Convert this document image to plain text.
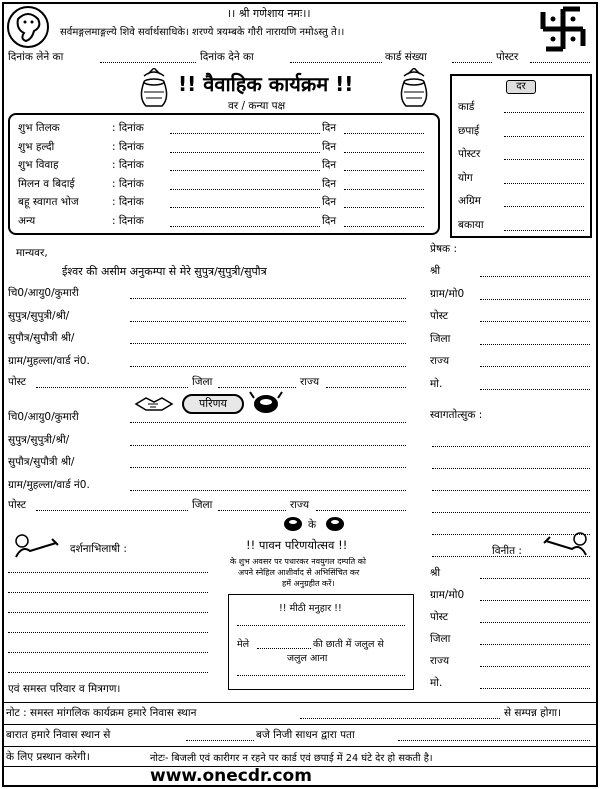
।। श्री गणेशाय नमः।।
सर्वमङ्गलमाङ्गल्ये शिवे सर्वार्थसाधिके। शरण्ये त्रयम्बके गौरी नारायणि नमोऽस्तु ते।।
दिनांक लेने का	दिनांक देने का	कार्ड संख्या	पोस्टर
!! वैवाहिक कार्यक्रम !!
वर / कन्या पक्ष
शुभ तिलक	: दिनांक	दिन
शुभ हल्दी	: दिनांक	दिन
शुभ विवाह	: दिनांक	दिन
मिलन व बिदाई	: दिनांक	दिन
बहू स्वागत भोज	: दिनांक	दिन
अन्य	: दिनांक	दिन
दर
कार्ड
छपाई
पोस्टर
योग
अग्रिम
बकाया
प्रेषक :
श्री
ग्राम/मो0
पोस्ट
जिला
राज्य
मो.
मान्यवर,
ईश्वर की असीम अनुकम्पा से मेरे सुपुत्र/सुपुत्री/सुपौत्र
चि0/आयु0/कुमारी
सुपुत्र/सुपुत्री/श्री/
सुपौत्र/सुपौत्री श्री/
ग्राम/मुहल्ला/वार्ड नं0.
पोस्ट	जिला	राज्य
परिणय
चि0/आयु0/कुमारी
सुपुत्र/सुपुत्री/श्री/
सुपौत्र/सुपौत्री श्री/
ग्राम/मुहल्ला/वार्ड नं0.
पोस्ट	जिला	राज्य
स्वागतोत्सुक :
के
!! पावन परिणयोत्सव !!
के शुभ अवसर पर पधारकर नवयुगल दम्पति को
अपने स्नेहिल आशीर्वाद से अभिसिंचित कर
हमें अनुग्रहीत करें।
दर्शनाभिलाषी :
एवं समस्त परिवार व मित्रगण।
!! मीठी मनुहार !!
मेले	की छाती में जलुल से
जलुल आना
विनीत :
श्री
ग्राम/मो0
पोस्ट
जिला
राज्य
मो.
नोट : समस्त मांगलिक कार्यक्रम हमारे निवास स्थान	से सम्पन्न होगा।
बारात हमारे निवास स्थान से	बजे निजी साधन द्वारा पता
के लिए प्रस्थान करेगी।	नोटः- बिजली एवं कारीगर न रहने पर कार्ड एवं छपाई में 24 घंटे देर हो सकती है।
www.onecdr.com
